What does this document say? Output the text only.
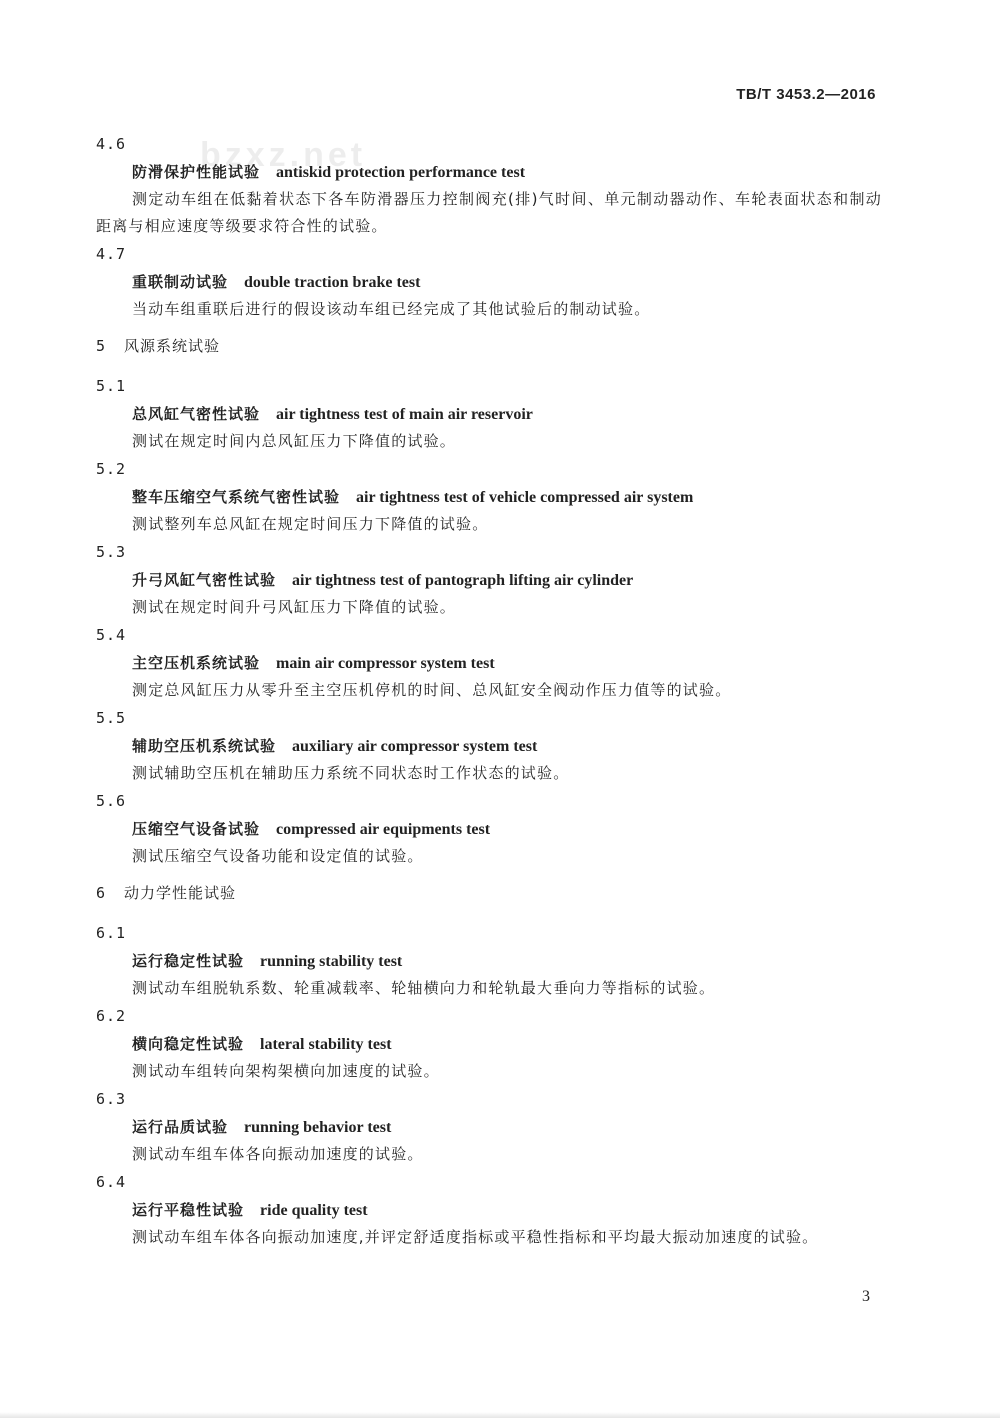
bzxz.net
TB/T 3453.2—2016
4.6
防滑保护性能试验 antiskid protection performance test
测定动车组在低黏着状态下各车防滑器压力控制阀充(排)气时间、单元制动器动作、车轮表面状态和制动距离与相应速度等级要求符合性的试验。
4.7
重联制动试验 double traction brake test
当动车组重联后进行的假设该动车组已经完成了其他试验后的制动试验。
5 风源系统试验
5.1
总风缸气密性试验 air tightness test of main air reservoir
测试在规定时间内总风缸压力下降值的试验。
5.2
整车压缩空气系统气密性试验 air tightness test of vehicle compressed air system
测试整列车总风缸在规定时间压力下降值的试验。
5.3
升弓风缸气密性试验 air tightness test of pantograph lifting air cylinder
测试在规定时间升弓风缸压力下降值的试验。
5.4
主空压机系统试验 main air compressor system test
测定总风缸压力从零升至主空压机停机的时间、总风缸安全阀动作压力值等的试验。
5.5
辅助空压机系统试验 auxiliary air compressor system test
测试辅助空压机在辅助压力系统不同状态时工作状态的试验。
5.6
压缩空气设备试验 compressed air equipments test
测试压缩空气设备功能和设定值的试验。
6 动力学性能试验
6.1
运行稳定性试验 running stability test
测试动车组脱轨系数、轮重减载率、轮轴横向力和轮轨最大垂向力等指标的试验。
6.2
横向稳定性试验 lateral stability test
测试动车组转向架构架横向加速度的试验。
6.3
运行品质试验 running behavior test
测试动车组车体各向振动加速度的试验。
6.4
运行平稳性试验 ride quality test
测试动车组车体各向振动加速度,并评定舒适度指标或平稳性指标和平均最大振动加速度的试验。
3
